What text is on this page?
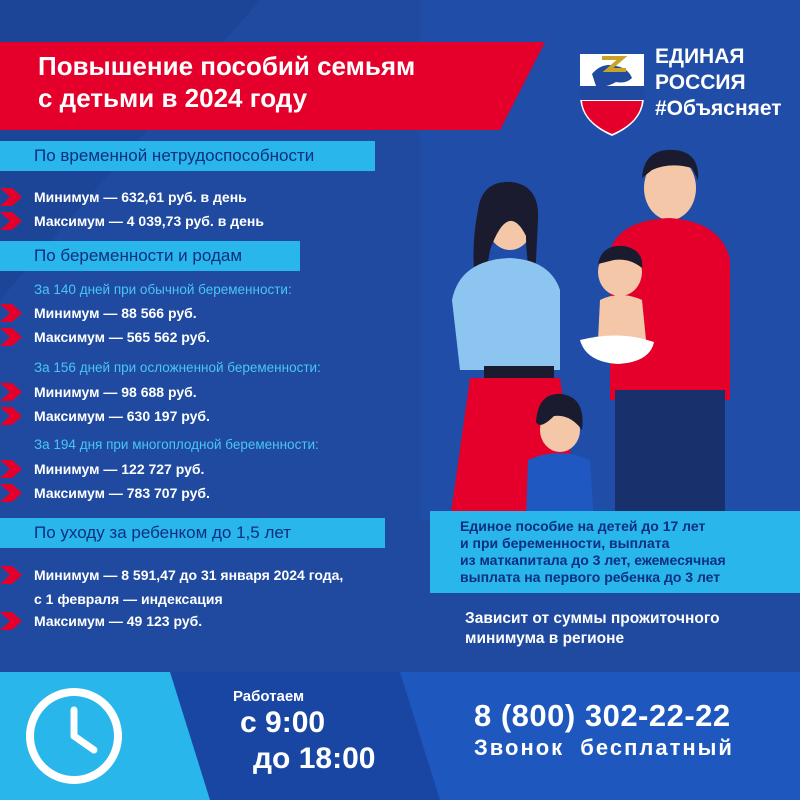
Повышение пособий семьям
с детьми в 2024 году
ЕДИНАЯ
РОССИЯ
#Объясняет
По временной нетрудоспособности
Минимум — 632,61 руб. в день
Максимум — 4 039,73 руб. в день
По беременности и родам
За 140 дней при обычной беременности:
Минимум — 88 566 руб.
Максимум — 565 562 руб.
За 156 дней при осложненной беременности:
Минимум — 98 688 руб.
Максимум — 630 197 руб.
За 194 дня при многоплодной беременности:
Минимум — 122 727 руб.
Максимум — 783 707 руб.
По уходу за ребенком до 1,5 лет
Минимум — 8 591,47 до 31 января 2024 года,
с 1 февраля — индексация
Максимум — 49 123 руб.
Единое пособие на детей до 17 лет
и при беременности, выплата
из маткапитала до 3 лет, ежемесячная
выплата на первого ребенка до 3 лет
Зависит от суммы прожиточного
минимума в регионе
Работаем
с 9:00
до 18:00
8 (800) 302-22-22
Звонок бесплатный
